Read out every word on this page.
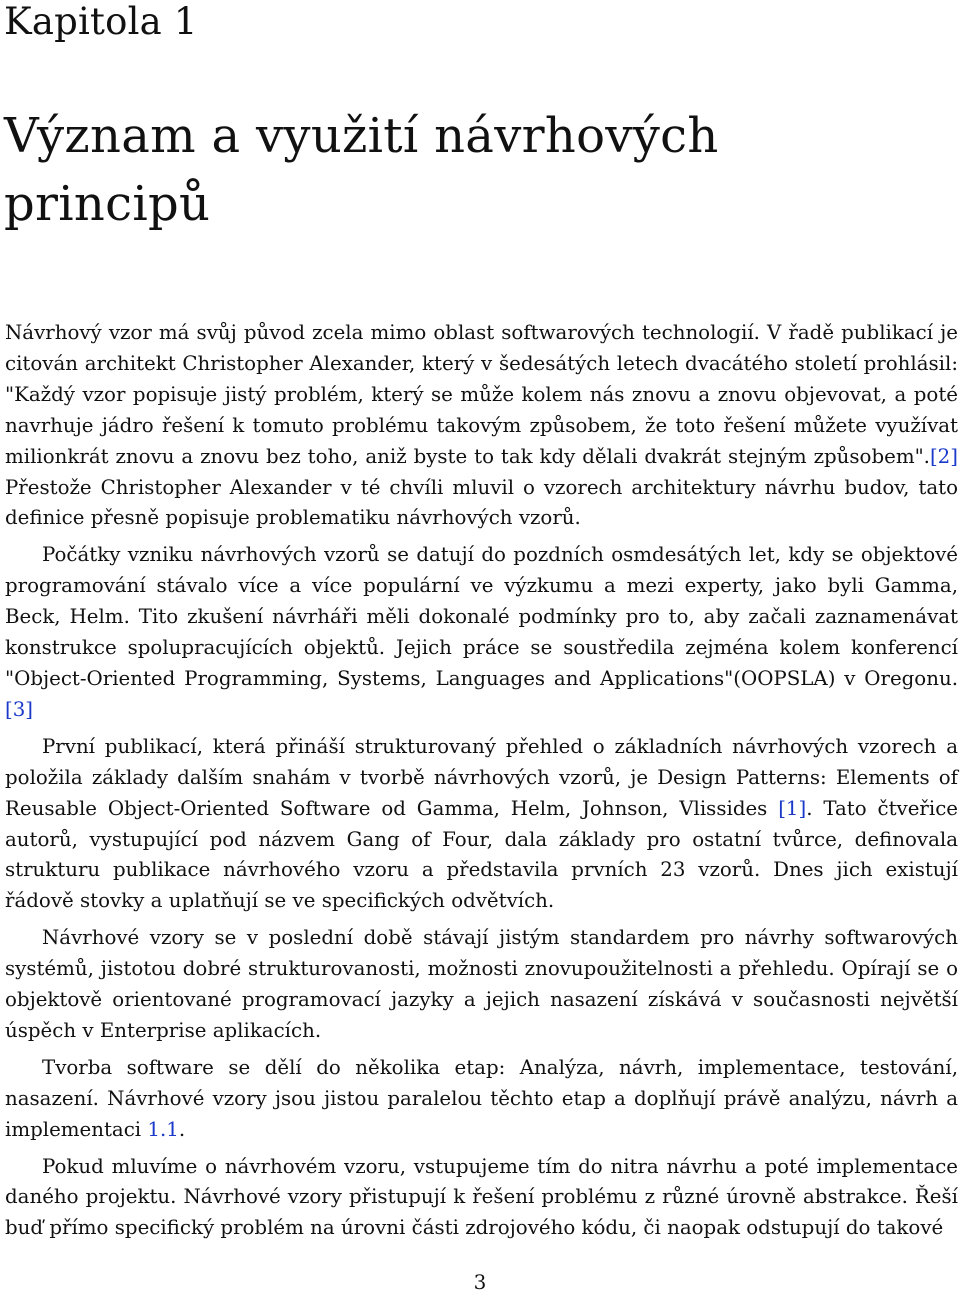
Kapitola 1
Význam a využití návrhových principů

Návrhový vzor má svůj původ zcela mimo oblast softwarových technologií. V řadě publikací je citován architekt Christopher Alexander, který v šedesátých letech dvacátého století prohlásil: "Každý vzor popisuje jistý problém, který se může kolem nás znovu a znovu objevovat, a poté navrhuje jádro řešení k tomuto problému takovým způsobem, že toto řešení můžete využívat milionkrát znovu a znovu bez toho, aniž byste to tak kdy dělali dvakrát stejným způsobem".[2] Přestože Christopher Alexander v té chvíli mluvil o vzorech architektury návrhu budov, tato definice přesně popisuje problematiku návrhových vzorů.

Počátky vzniku návrhových vzorů se datují do pozdních osmdesátých let, kdy se objektové programování stávalo více a více populární ve výzkumu a mezi experty, jako byli Gamma, Beck, Helm. Tito zkušení návrháři měli dokonalé podmínky pro to, aby začali zaznamenávat konstrukce spolupracujících objektů. Jejich práce se soustředila zejména kolem konferencí "Object-Oriented Programming, Systems, Languages and Applications"(OOPSLA) v Oregonu.[3]

První publikací, která přináší strukturovaný přehled o základních návrhových vzorech a položila základy dalším snahám v tvorbě návrhových vzorů, je Design Patterns: Elements of Reusable Object-Oriented Software od Gamma, Helm, Johnson, Vlissides [1]. Tato čtveřice autorů, vystupující pod názvem Gang of Four, dala základy pro ostatní tvůrce, definovala strukturu publikace návrhového vzoru a představila prvních 23 vzorů. Dnes jich existují řádově stovky a uplatňují se ve specifických odvětvích.

Návrhové vzory se v poslední době stávají jistým standardem pro návrhy softwarových systémů, jistotou dobré strukturovanosti, možnosti znovupoužitelnosti a přehledu. Opírají se o objektově orientované programovací jazyky a jejich nasazení získává v současnosti největší úspěch v Enterprise aplikacích.

Tvorba software se dělí do několika etap: Analýza, návrh, implementace, testování, nasazení. Návrhové vzory jsou jistou paralelou těchto etap a doplňují právě analýzu, návrh a implementaci 1.1.

Pokud mluvíme o návrhovém vzoru, vstupujeme tím do nitra návrhu a poté implementace daného projektu. Návrhové vzory přistupují k řešení problému z různé úrovně abstrakce. Řeší buď přímo specifický problém na úrovni části zdrojového kódu, či naopak odstupují do takové

3
